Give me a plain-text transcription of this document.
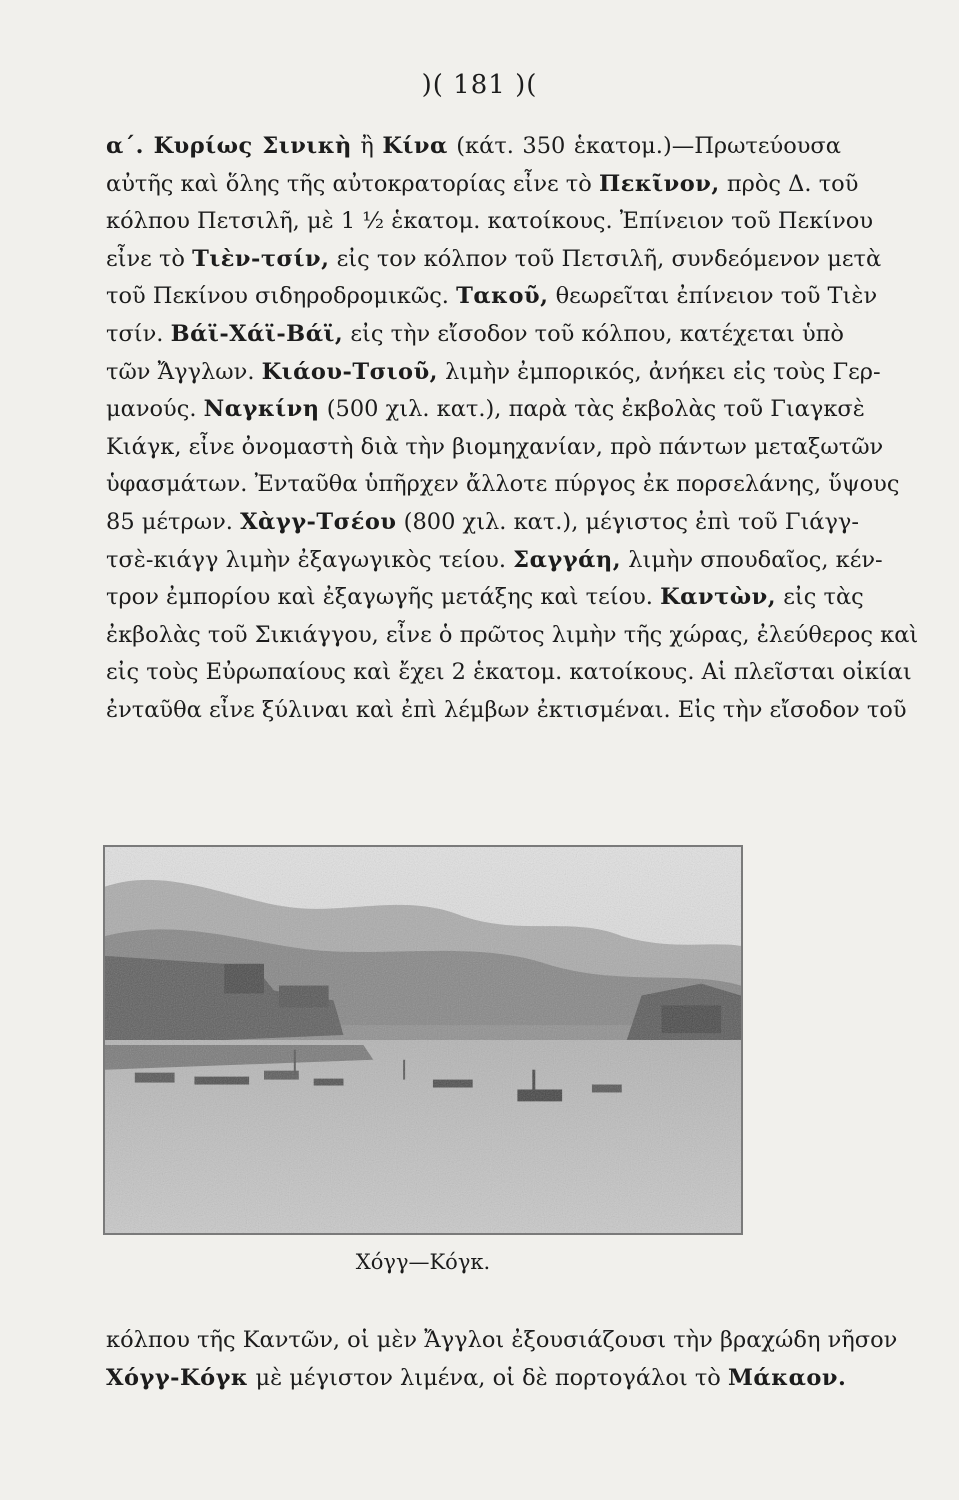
)( 181 )(
α΄. Κυρίως Σινικὴ ἢ Κίνα (κάτ. 350 ἑκατομ.)—Πρωτεύουσα
αὐτῆς καὶ ὅλης τῆς αὐτοκρατορίας εἶνε τὸ Πεκῖνον, πρὸς Δ. τοῦ
κόλπου Πετσιλῆ, μὲ 1 ½ ἑκατομ. κατοίκους. Ἐπίνειον τοῦ Πεκίνου
εἶνε τὸ Τιὲν-τσίν, εἰς τον κόλπον τοῦ Πετσιλῆ, συνδεόμενον μετὰ
τοῦ Πεκίνου σιδηροδρομικῶς. Τακοῦ, θεωρεῖται ἐπίνειον τοῦ Τιὲν
τσίν. Βάϊ-Χάϊ-Βάϊ, εἰς τὴν εἴσοδον τοῦ κόλπου, κατέχεται ὑπὸ
τῶν Ἄγγλων. Κιάου-Τσιοῦ, λιμὴν ἐμπορικός, ἀνήκει εἰς τοὺς Γερ-
μανούς. Ναγκίνη (500 χιλ. κατ.), παρὰ τὰς ἐκβολὰς τοῦ Γιαγκσὲ
Κιάγκ, εἶνε ὀνομαστὴ διὰ τὴν βιομηχανίαν, πρὸ πάντων μεταξωτῶν
ὑφασμάτων. Ἐνταῦθα ὑπῆρχεν ἄλλοτε πύργος ἐκ πορσελάνης, ὕψους
85 μέτρων. Χὰγγ-Τσέου (800 χιλ. κατ.), μέγιστος ἐπὶ τοῦ Γιάγγ-
τσὲ-κιάγγ λιμὴν ἐξαγωγικὸς τείου. Σαγγάη, λιμὴν σπουδαῖος, κέν-
τρον ἐμπορίου καὶ ἐξαγωγῆς μετάξης καὶ τείου. Καντὼν, εἰς τὰς
ἐκβολὰς τοῦ Σικιάγγου, εἶνε ὁ πρῶτος λιμὴν τῆς χώρας, ἐλεύθερος καὶ
εἰς τοὺς Εὐρωπαίους καὶ ἔχει 2 ἑκατομ. κατοίκους. Αἱ πλεῖσται οἰκίαι
ἐνταῦθα εἶνε ξύλιναι καὶ ἐπὶ λέμβων ἐκτισμέναι. Εἰς τὴν εἴσοδον τοῦ
Χόγγ—Κόγκ.
κόλπου τῆς Καντῶν, οἱ μὲν Ἄγγλοι ἐξουσιάζουσι τὴν βραχώδη νῆσον
Χόγγ-Κόγκ μὲ μέγιστον λιμένα, οἱ δὲ πορτογάλοι τὸ Μάκαον.
